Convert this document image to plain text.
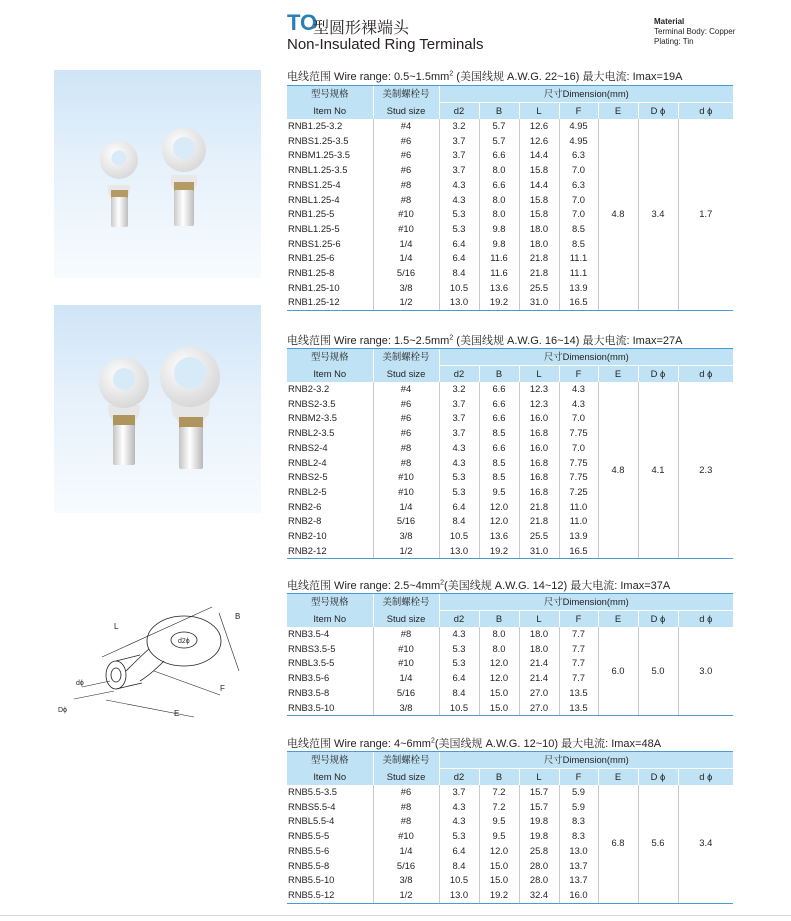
TO
型圆形裸端头
Non-Insulated Ring Terminals
Material
Terminal Body: Copper
Plating: Tin
L
B
d2ϕ
F
E
dϕ
Dϕ
电线范围 Wire range: $0.5\sim 1.5mm^2$ (美国线规 A.W.G. 22~16) 最大电流: Imax=19A
电线范围 Wire range: $1.5\sim 2.5mm^2$ (美国线规 A.W.G. 16~14) 最大电流: Imax=27A
电线范围 Wire range: $2.5\sim 4mm^2$(美国线规 A.W.G. 14~12) 最大电流: Imax=37A
电线范围 Wire range: $4\sim 6mm^2$(美国线规 A.W.G. 12~10) 最大电流: Imax=48A
型号规格	美制螺栓号	尺寸Dimension(mm)						
Item No	Stud size	d2	B	L	F	E	D ϕ	d ϕ
RNB1.25-3.2	#4	3.2	5.7	12.6	4.95	4.8	3.4	1.7
RNBS1.25-3.5	#6	3.7	5.7	12.6	4.95			
RNBM1.25-3.5	#6	3.7	6.6	14.4	6.3			
RNBL1.25-3.5	#6	3.7	8.0	15.8	7.0			
RNBS1.25-4	#8	4.3	6.6	14.4	6.3			
RNBL1.25-4	#8	4.3	8.0	15.8	7.0			
RNB1.25-5	#10	5.3	8.0	15.8	7.0			
RNBL1.25-5	#10	5.3	9.8	18.0	8.5			
RNBS1.25-6	1/4	6.4	9.8	18.0	8.5			
RNB1.25-6	1/4	6.4	11.6	21.8	11.1			
RNB1.25-8	5/16	8.4	11.6	21.8	11.1			
RNB1.25-10	3/8	10.5	13.6	25.5	13.9			
RNB1.25-12	1/2	13.0	19.2	31.0	16.5			
型号规格	美制螺栓号	尺寸Dimension(mm)						
Item No	Stud size	d2	B	L	F	E	D ϕ	d ϕ
RNB2-3.2	#4	3.2	6.6	12.3	4.3	4.8	4.1	2.3
RNBS2-3.5	#6	3.7	6.6	12.3	4.3			
RNBM2-3.5	#6	3.7	6.6	16.0	7.0			
RNBL2-3.5	#6	3.7	8.5	16.8	7.75			
RNBS2-4	#8	4.3	6.6	16.0	7.0			
RNBL2-4	#8	4.3	8.5	16.8	7.75			
RNBS2-5	#10	5.3	8.5	16.8	7.75			
RNBL2-5	#10	5.3	9.5	16.8	7.25			
RNB2-6	1/4	6.4	12.0	21.8	11.0			
RNB2-8	5/16	8.4	12.0	21.8	11.0			
RNB2-10	3/8	10.5	13.6	25.5	13.9			
RNB2-12	1/2	13.0	19.2	31.0	16.5			
型号规格	美制螺栓号	尺寸Dimension(mm)						
Item No	Stud size	d2	B	L	F	E	D ϕ	d ϕ
RNB3.5-4	#8	4.3	8.0	18.0	7.7	6.0	5.0	3.0
RNBS3.5-5	#10	5.3	8.0	18.0	7.7			
RNBL3.5-5	#10	5.3	12.0	21.4	7.7			
RNB3.5-6	1/4	6.4	12.0	21.4	7.7			
RNB3.5-8	5/16	8.4	15.0	27.0	13.5			
RNB3.5-10	3/8	10.5	15.0	27.0	13.5			
型号规格	美制螺栓号	尺寸Dimension(mm)						
Item No	Stud size	d2	B	L	F	E	D ϕ	d ϕ
RNB5.5-3.5	#6	3.7	7.2	15.7	5.9	6.8	5.6	3.4
RNBS5.5-4	#8	4.3	7.2	15.7	5.9			
RNBL5.5-4	#8	4.3	9.5	19.8	8.3			
RNB5.5-5	#10	5.3	9.5	19.8	8.3			
RNB5.5-6	1/4	6.4	12.0	25.8	13.0			
RNB5.5-8	5/16	8.4	15.0	28.0	13.7			
RNB5.5-10	3/8	10.5	15.0	28.0	13.7			
RNB5.5-12	1/2	13.0	19.2	32.4	16.0			
